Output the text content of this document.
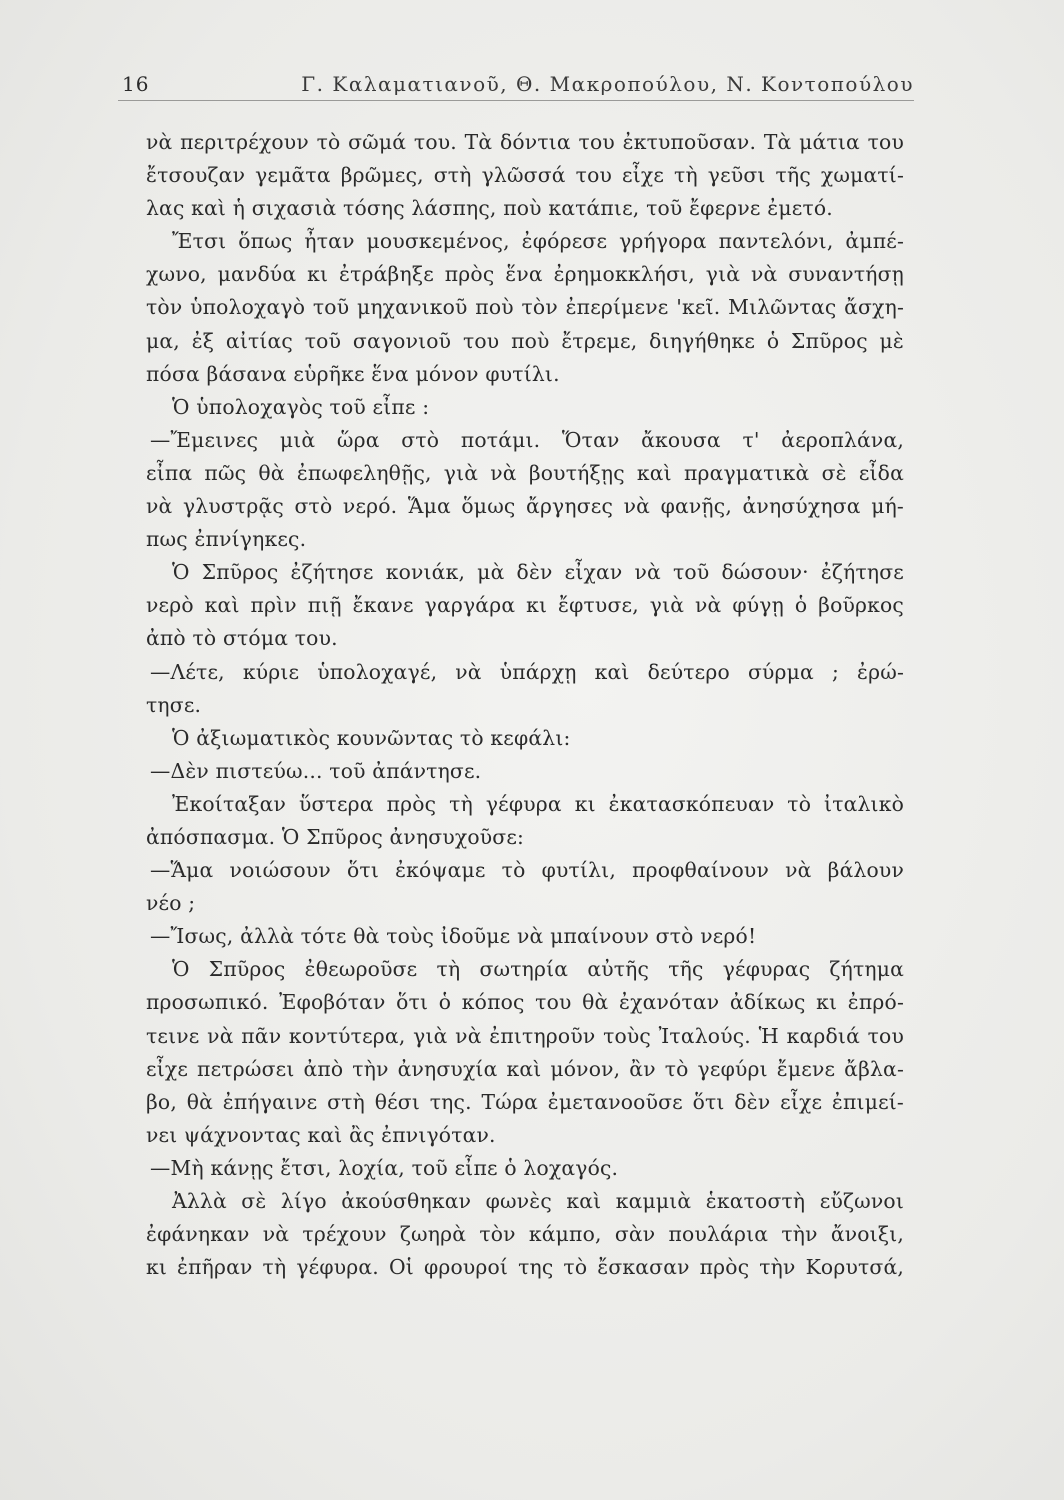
16	Γ. Καλαματιανοῦ, Θ. Μακροπούλου, Ν. Κοντοπούλου
νὰ περιτρέχουν τὸ σῶμά του. Τὰ δόντια του ἐκτυποῦσαν. Τὰ μάτια του
ἔτσουζαν γεμᾶτα βρῶμες, στὴ γλῶσσά του εἶχε τὴ γεῦσι τῆς χωματί-
λας καὶ ἡ σιχασιὰ τόσης λάσπης, ποὺ κατάπιε, τοῦ ἔφερνε ἐμετό.
Ἔτσι ὅπως ἦταν μουσκεμένος, ἐφόρεσε γρήγορα παντελόνι, ἀμπέ-
χωνο, μανδύα κι ἐτράβηξε πρὸς ἕνα ἐρημοκκλήσι, γιὰ νὰ συναντήσῃ
τὸν ὑπολοχαγὸ τοῦ μηχανικοῦ ποὺ τὸν ἐπερίμενε 'κεῖ. Μιλῶντας ἄσχη-
μα, ἐξ αἰτίας τοῦ σαγονιοῦ του ποὺ ἔτρεμε, διηγήθηκε ὁ Σπῦρος μὲ
πόσα βάσανα εὑρῆκε ἕνα μόνον φυτίλι.
Ὁ ὑπολοχαγὸς τοῦ εἶπε :
—Ἔμεινες μιὰ ὥρα στὸ ποτάμι. Ὅταν ἄκουσα τ' ἀεροπλάνα,
εἶπα πῶς θὰ ἐπωφεληθῇς, γιὰ νὰ βουτήξῃς καὶ πραγματικὰ σὲ εἶδα
νὰ γλυστρᾷς στὸ νερό. Ἅμα ὅμως ἄργησες νὰ φανῇς, ἀνησύχησα μή-
πως ἐπνίγηκες.
Ὁ Σπῦρος ἐζήτησε κονιάκ, μὰ δὲν εἶχαν νὰ τοῦ δώσουν· ἐζήτησε
νερὸ καὶ πρὶν πιῇ ἔκανε γαργάρα κι ἔφτυσε, γιὰ νὰ φύγῃ ὁ βοῦρκος
ἀπὸ τὸ στόμα του.
—Λέτε, κύριε ὑπολοχαγέ, νὰ ὑπάρχῃ καὶ δεύτερο σύρμα ; ἐρώ-
τησε.
Ὁ ἀξιωματικὸς κουνῶντας τὸ κεφάλι:
—Δὲν πιστεύω... τοῦ ἀπάντησε.
Ἐκοίταξαν ὕστερα πρὸς τὴ γέφυρα κι ἐκατασκόπευαν τὸ ἰταλικὸ
ἀπόσπασμα. Ὁ Σπῦρος ἀνησυχοῦσε:
—Ἅμα νοιώσουν ὅτι ἐκόψαμε τὸ φυτίλι, προφθαίνουν νὰ βάλουν
νέο ;
—Ἴσως, ἀλλὰ τότε θὰ τοὺς ἰδοῦμε νὰ μπαίνουν στὸ νερό!
Ὁ Σπῦρος ἐθεωροῦσε τὴ σωτηρία αὐτῆς τῆς γέφυρας ζήτημα
προσωπικό. Ἐφοβόταν ὅτι ὁ κόπος του θὰ ἐχανόταν ἀδίκως κι ἐπρό-
τεινε νὰ πᾶν κοντύτερα, γιὰ νὰ ἐπιτηροῦν τοὺς Ἰταλούς. Ἡ καρδιά του
εἶχε πετρώσει ἀπὸ τὴν ἀνησυχία καὶ μόνον, ἂν τὸ γεφύρι ἔμενε ἄβλα-
βο, θὰ ἐπήγαινε στὴ θέσι της. Τώρα ἐμετανοοῦσε ὅτι δὲν εἶχε ἐπιμεί-
νει ψάχνοντας καὶ ἂς ἐπνιγόταν.
—Μὴ κάνῃς ἔτσι, λοχία, τοῦ εἶπε ὁ λοχαγός.
Ἀλλὰ σὲ λίγο ἀκούσθηκαν φωνὲς καὶ καμμιὰ ἑκατοστὴ εὔζωνοι
ἐφάνηκαν νὰ τρέχουν ζωηρὰ τὸν κάμπο, σὰν πουλάρια τὴν ἄνοιξι,
κι ἐπῆραν τὴ γέφυρα. Οἱ φρουροί της τὸ ἔσκασαν πρὸς τὴν Κορυτσά,
